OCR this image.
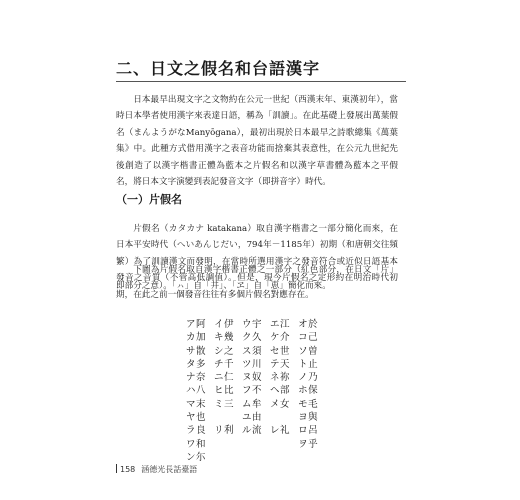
二、日文之假名和台語漢字

日本最早出現文字之文物約在公元一世紀（西漢末年、東漢初年），當時日本學者使用漢字來表達日語，稱為「訓讀」。在此基礎上發展出萬葉假名（まんようがなManyōgana），最初出現於日本最早之詩歌總集《萬葉集》中。此種方式借用漢字之表音功能而捨棄其表意性，在公元九世紀先後創造了以漢字楷書正體為藍本之片假名和以漢字草書體為藍本之平假名，將日本文字演變到表記發音文字（即拼音字）時代。

（一）片假名

片假名（カタカナ katakana）取自漢字楷書之一部分簡化而來，在日本平安時代（へいあんじだい，794年－1185年）初期（和唐朝交往頻繁）為了訓讀漢文而發明，在當時所選用漢字之發音符合或近似日語基本發音之音質（不管高低調值）。但是，現今片假名之定形約在明治時代初期，在此之前一個發音往往有多個片假名對應存在。

下圖為片假名取自漢字楷書正體之一部分（紅色部分，在日文「片」即部分之意）。「ㇵ」自「井」、「ヱ」自「恵」簡化而來。

ア阿
カ加
サ散
タ多
ナ奈
ハ八
マ末
ヤ也
ラ良
ワ和
ン尓
イ伊
キ幾
シ之
チ千
ニ仁
ヒ比
ミ三
リ利
ウ宇
ク久
ス須
ツ川
ヌ奴
フ不
ム牟
ユ由
ル流
エ江
ケ介
セ世
テ天
ネ祢
ヘ部
メ女
レ礼
オ於
コ己
ソ曽
ト止
ノ乃
ホ保
モ毛
ヨ與
ロ呂
ヲ乎
158 涵德光長話臺語
